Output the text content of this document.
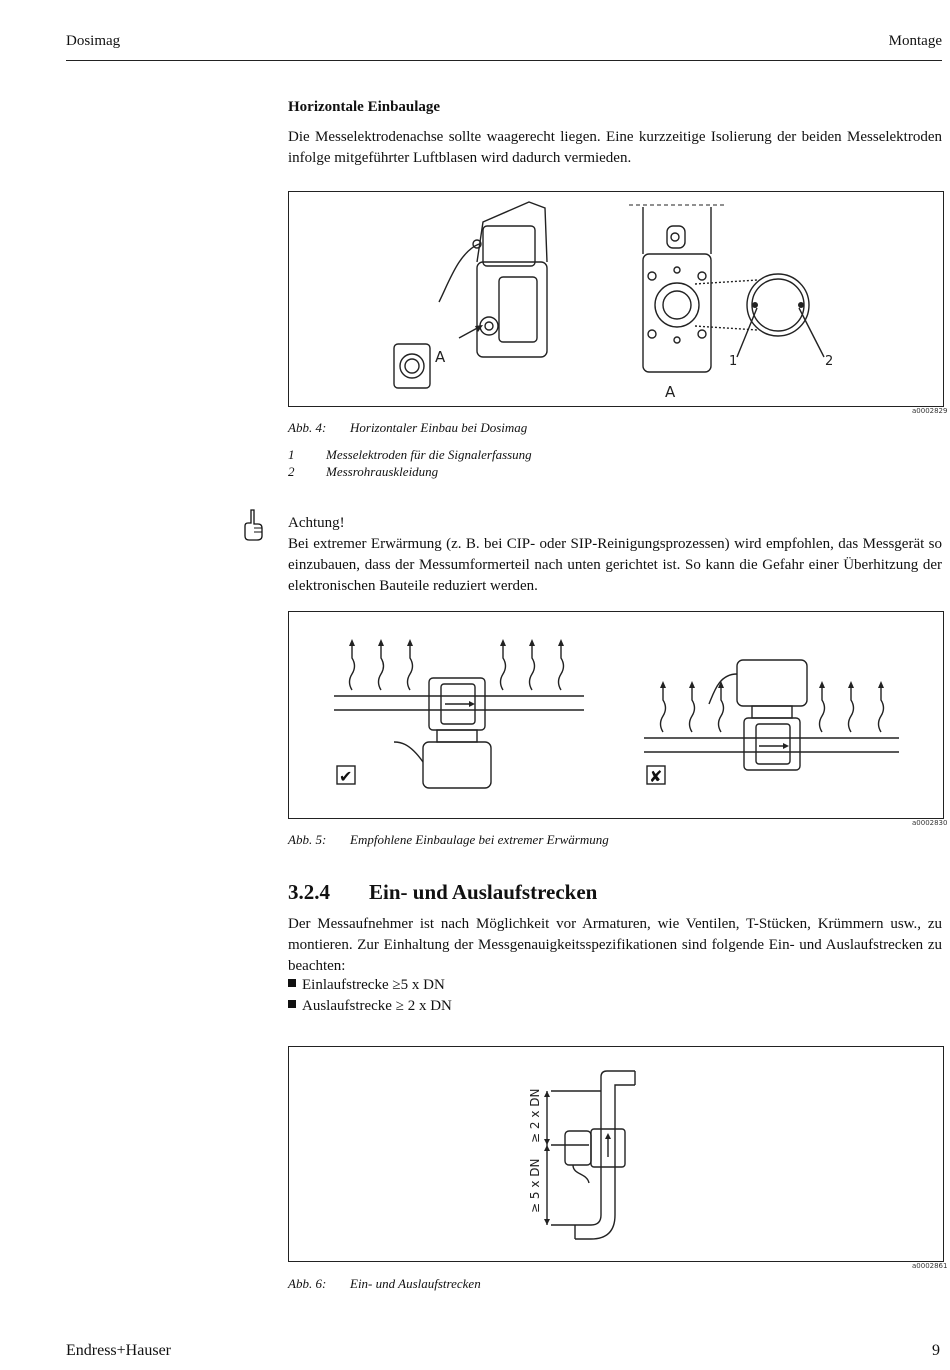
Dosimag	Montage
Horizontale Einbaulage
Die Messelektrodenachse sollte waagerecht liegen. Eine kurzzeitige Isolierung der beiden Messelektroden infolge mitgeführter Luftblasen wird dadurch vermieden.
A
A
1	2
a0002829
Abb. 4: Horizontaler Einbau bei Dosimag
1 Messelektroden für die Signalerfassung
2 Messrohrauskleidung
Achtung!
Bei extremer Erwärmung (z. B. bei CIP- oder SIP-Reinigungsprozessen) wird empfohlen, das Messgerät so einzubauen, dass der Messumformerteil nach unten gerichtet ist. So kann die Gefahr einer Überhitzung der elektronischen Bauteile reduziert werden.
✔	✘
a0002830
Abb. 5: Empfohlene Einbaulage bei extremer Erwärmung
3.2.4 Ein- und Auslaufstrecken
Der Messaufnehmer ist nach Möglichkeit vor Armaturen, wie Ventilen, T-Stücken, Krümmern usw., zu montieren. Zur Einhaltung der Messgenauigkeitsspezifikationen sind folgende Ein- und Auslaufstrecken zu beachten:
Einlaufstrecke ≥5 x DN
Auslaufstrecke ≥ 2 x DN
≥ 2 x DN
≥ 5 x DN
a0002861
Abb. 6: Ein- und Auslaufstrecken
Endress+Hauser	9
